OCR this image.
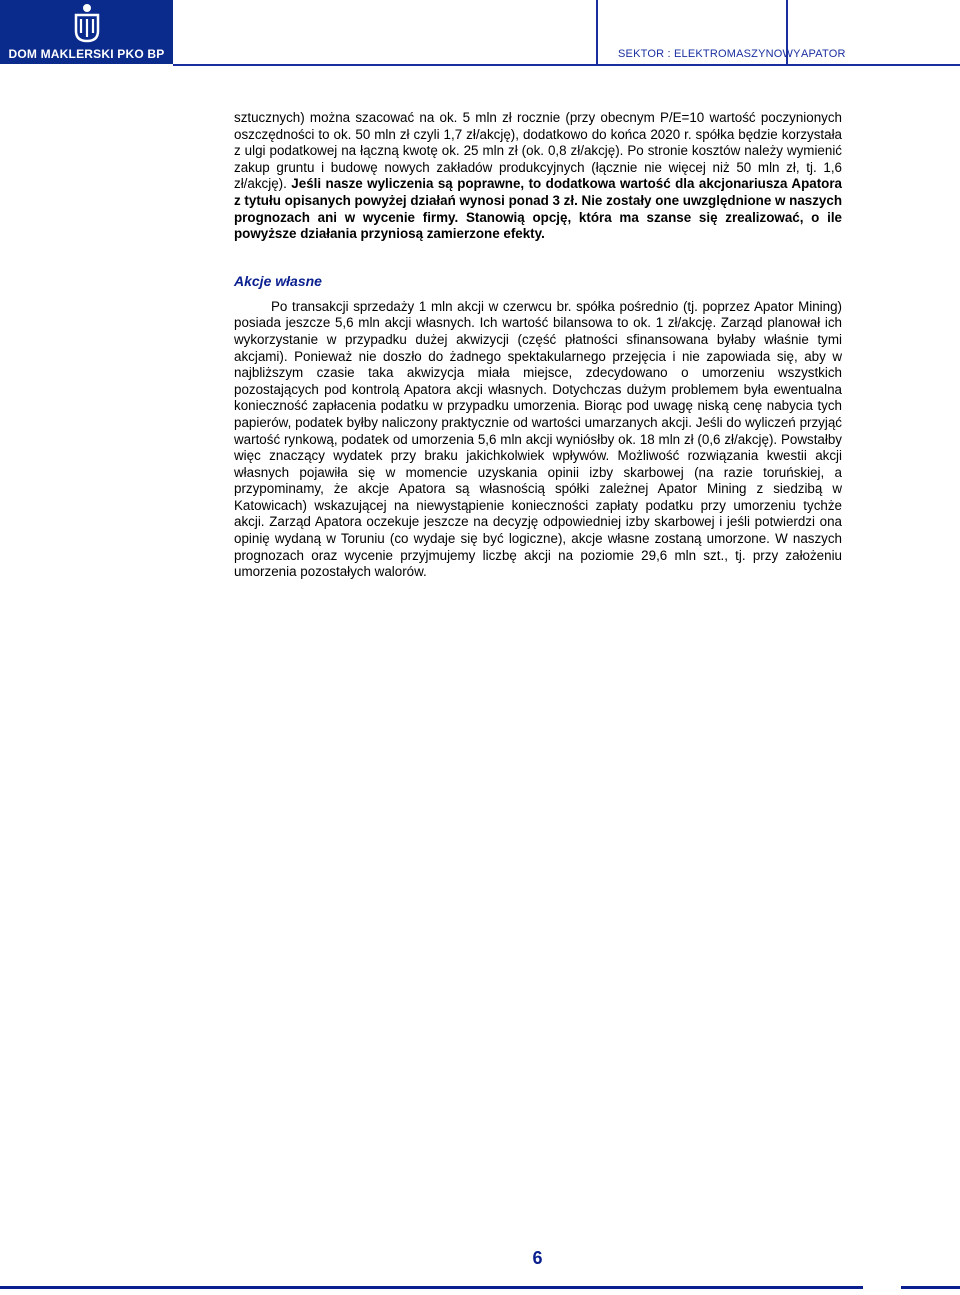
DOM MAKLERSKI PKO BP	SEKTOR : ELEKTROMASZYNOWY APATOR

sztucznych) można szacować na ok. 5 mln zł rocznie (przy obecnym P/E=10 wartość poczynionych oszczędności to ok. 50 mln zł czyli 1,7 zł/akcję), dodatkowo do końca 2020 r. spółka będzie korzystała z ulgi podatkowej na łączną kwotę ok. 25 mln zł (ok. 0,8 zł/akcję). Po stronie kosztów należy wymienić zakup gruntu i budowę nowych zakładów produkcyjnych (łącznie nie więcej niż 50 mln zł, tj. 1,6 zł/akcję). Jeśli nasze wyliczenia są poprawne, to dodatkowa wartość dla akcjonariusza Apatora z tytułu opisanych powyżej działań wynosi ponad 3 zł. Nie zostały one uwzględnione w naszych prognozach ani w wycenie firmy. Stanowią opcję, która ma szanse się zrealizować, o ile powyższe działania przyniosą zamierzone efekty.

Akcje własne

Po transakcji sprzedaży 1 mln akcji w czerwcu br. spółka pośrednio (tj. poprzez Apator Mining) posiada jeszcze 5,6 mln akcji własnych. Ich wartość bilansowa to ok. 1 zł/akcję. Zarząd planował ich wykorzystanie w przypadku dużej akwizycji (część płatności sfinansowana byłaby właśnie tymi akcjami). Ponieważ nie doszło do żadnego spektakularnego przejęcia i nie zapowiada się, aby w najbliższym czasie taka akwizycja miała miejsce, zdecydowano o umorzeniu wszystkich pozostających pod kontrolą Apatora akcji własnych. Dotychczas dużym problemem była ewentualna konieczność zapłacenia podatku w przypadku umorzenia. Biorąc pod uwagę niską cenę nabycia tych papierów, podatek byłby naliczony praktycznie od wartości umarzanych akcji. Jeśli do wyliczeń przyjąć wartość rynkową, podatek od umorzenia 5,6 mln akcji wyniósłby ok. 18 mln zł (0,6 zł/akcję). Powstałby więc znaczący wydatek przy braku jakichkolwiek wpływów. Możliwość rozwiązania kwestii akcji własnych pojawiła się w momencie uzyskania opinii izby skarbowej (na razie toruńskiej, a przypominamy, że akcje Apatora są własnością spółki zależnej Apator Mining z siedzibą w Katowicach) wskazującej na niewystąpienie konieczności zapłaty podatku przy umorzeniu tychże akcji. Zarząd Apatora oczekuje jeszcze na decyzję odpowiedniej izby skarbowej i jeśli potwierdzi ona opinię wydaną w Toruniu (co wydaje się być logiczne), akcje własne zostaną umorzone. W naszych prognozach oraz wycenie przyjmujemy liczbę akcji na poziomie 29,6 mln szt., tj. przy założeniu umorzenia pozostałych walorów.

6
